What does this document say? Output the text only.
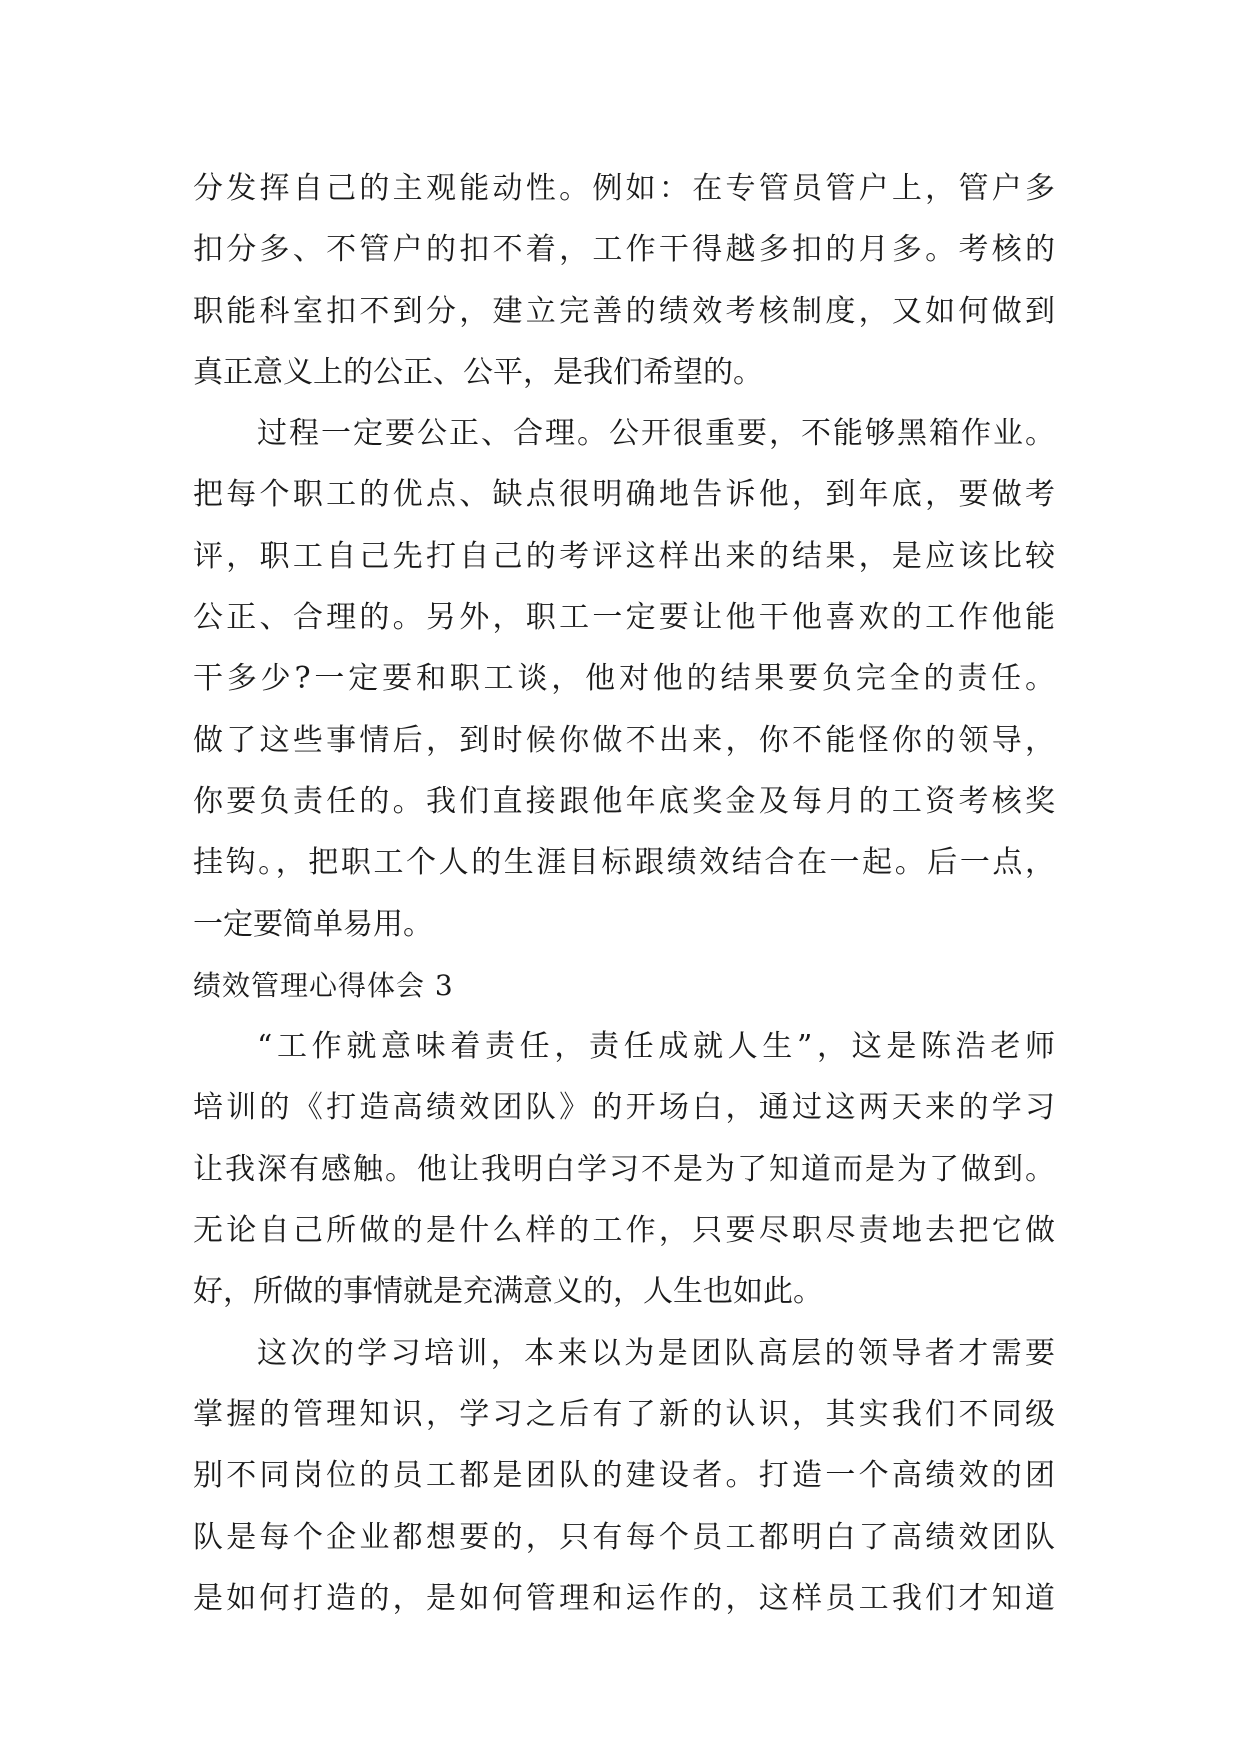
分发挥自己的主观能动性。例如：在专管员管户上，管户多
扣分多、不管户的扣不着，工作干得越多扣的月多。考核的
职能科室扣不到分，建立完善的绩效考核制度，又如何做到
真正意义上的公正、公平，是我们希望的。
过程一定要公正、合理。公开很重要，不能够黑箱作业。
把每个职工的优点、缺点很明确地告诉他，到年底，要做考
评，职工自己先打自己的考评这样出来的结果，是应该比较
公正、合理的。另外，职工一定要让他干他喜欢的工作他能
干多少?一定要和职工谈，他对他的结果要负完全的责任。
做了这些事情后，到时候你做不出来，你不能怪你的领导，
你要负责任的。我们直接跟他年底奖金及每月的工资考核奖
挂钩。，把职工个人的生涯目标跟绩效结合在一起。后一点，
一定要简单易用。
绩效管理心得体会 3
“工作就意味着责任，责任成就人生”，这是陈浩老师
培训的《打造高绩效团队》的开场白，通过这两天来的学习
让我深有感触。他让我明白学习不是为了知道而是为了做到。
无论自己所做的是什么样的工作，只要尽职尽责地去把它做
好，所做的事情就是充满意义的，人生也如此。
这次的学习培训，本来以为是团队高层的领导者才需要
掌握的管理知识，学习之后有了新的认识，其实我们不同级
别不同岗位的员工都是团队的建设者。打造一个高绩效的团
队是每个企业都想要的，只有每个员工都明白了高绩效团队
是如何打造的，是如何管理和运作的，这样员工我们才知道
